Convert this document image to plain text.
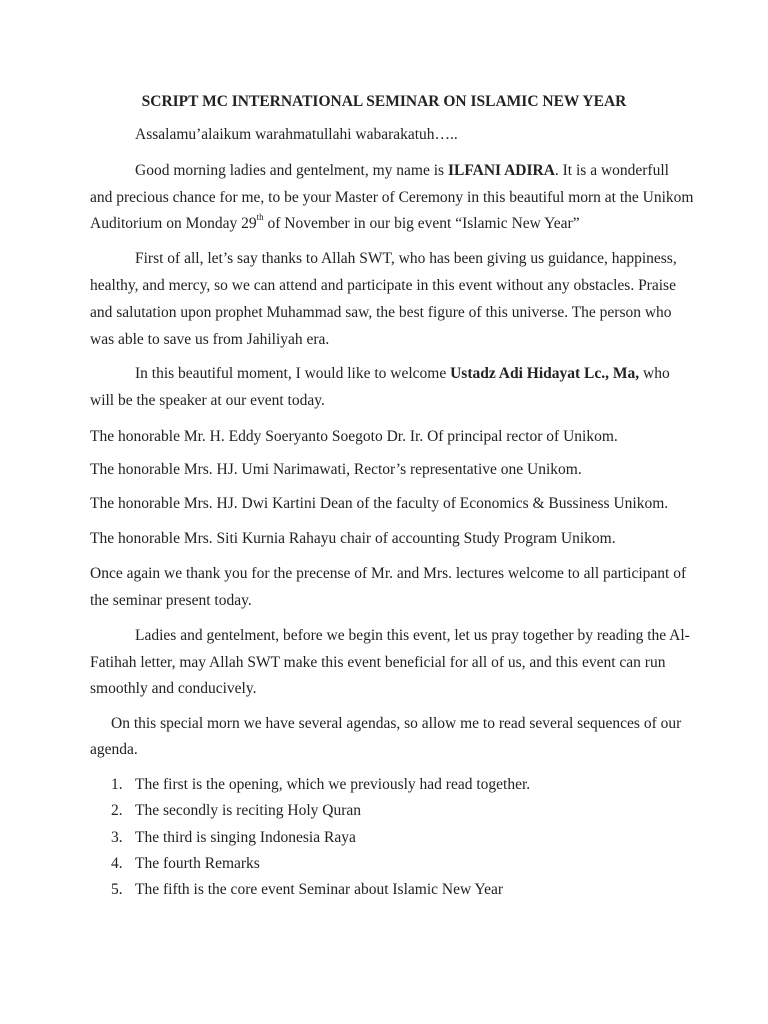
SCRIPT MC INTERNATIONAL SEMINAR ON ISLAMIC NEW YEAR
Assalamu’alaikum warahmatullahi wabarakatuh…..
Good morning ladies and gentelment, my name is ILFANI ADIRA. It is a wonderfull
and precious chance for me, to be your Master of Ceremony in this beautiful morn at the Unikom
Auditorium on Monday 29th of November in our big event “Islamic New Year”
First of all, let’s say thanks to Allah SWT, who has been giving us guidance, happiness,
healthy, and mercy, so we can attend and participate in this event without any obstacles. Praise
and salutation upon prophet Muhammad saw, the best figure of this universe. The person who
was able to save us from Jahiliyah era.
In this beautiful moment, I would like to welcome Ustadz Adi Hidayat Lc., Ma, who
will be the speaker at our event today.
The honorable Mr. H. Eddy Soeryanto Soegoto Dr. Ir. Of principal rector of Unikom.
The honorable Mrs. HJ. Umi Narimawati, Rector’s representative one Unikom.
The honorable Mrs. HJ. Dwi Kartini Dean of the faculty of Economics & Bussiness Unikom.
The honorable Mrs. Siti Kurnia Rahayu chair of accounting Study Program Unikom.
Once again we thank you for the precense of Mr. and Mrs. lectures welcome to all participant of
the seminar present today.
Ladies and gentelment, before we begin this event, let us pray together by reading the Al-
Fatihah letter, may Allah SWT make this event beneficial for all of us, and this event can run
smoothly and conducively.
On this special morn we have several agendas, so allow me to read several sequences of our
agenda.
1. The first is the opening, which we previously had read together.
2. The secondly is reciting Holy Quran
3. The third is singing Indonesia Raya
4. The fourth Remarks
5. The fifth is the core event Seminar about Islamic New Year
